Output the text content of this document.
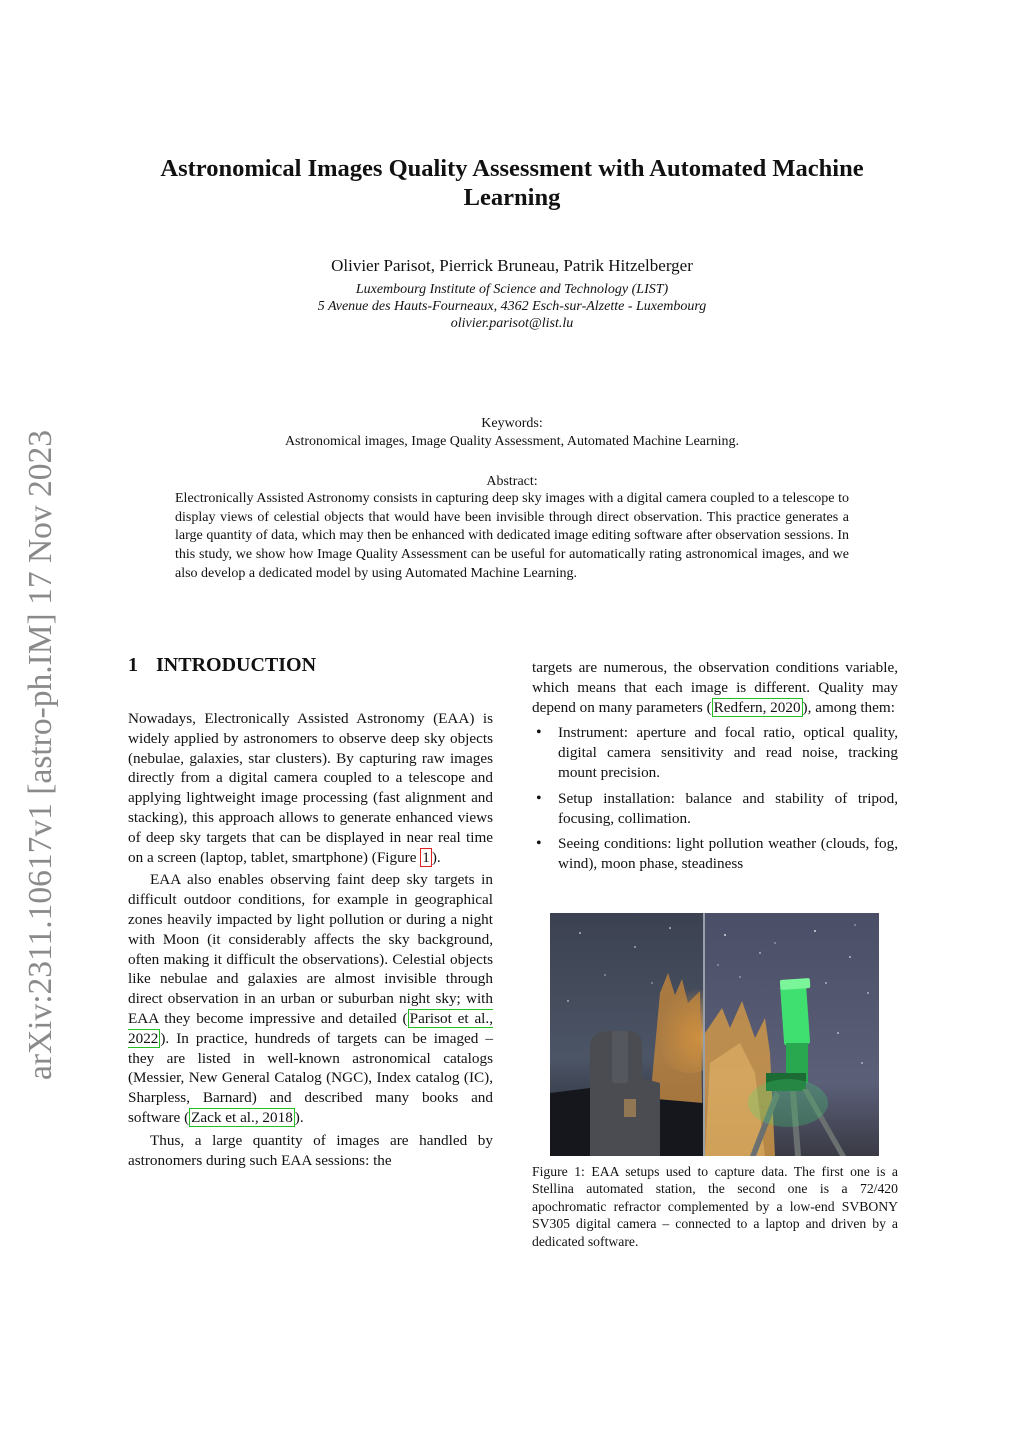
arXiv:2311.10617v1 [astro-ph.IM] 17 Nov 2023
Astronomical Images Quality Assessment with Automated Machine Learning
Olivier Parisot, Pierrick Bruneau, Patrik Hitzelberger
Luxembourg Institute of Science and Technology (LIST)
5 Avenue des Hauts-Fourneaux, 4362 Esch-sur-Alzette - Luxembourg
olivier.parisot@list.lu
Keywords:
Astronomical images, Image Quality Assessment, Automated Machine Learning.
Abstract:
Electronically Assisted Astronomy consists in capturing deep sky images with a digital camera coupled to a telescope to display views of celestial objects that would have been invisible through direct observation. This practice generates a large quantity of data, which may then be enhanced with dedicated image editing software after observation sessions. In this study, we show how Image Quality Assessment can be useful for automatically rating astronomical images, and we also develop a dedicated model by using Automated Machine Learning.
1 INTRODUCTION

Nowadays, Electronically Assisted Astronomy (EAA) is widely applied by astronomers to observe deep sky objects (nebulae, galaxies, star clusters). By capturing raw images directly from a digital camera coupled to a telescope and applying lightweight image processing (fast alignment and stacking), this approach allows to generate enhanced views of deep sky targets that can be displayed in near real time on a screen (laptop, tablet, smartphone) (Figure 1 ).

EAA also enables observing faint deep sky targets in difficult outdoor conditions, for example in geographical zones heavily impacted by light pollution or during a night with Moon (it considerably affects the sky background, often making it difficult the observations). Celestial objects like nebulae and galaxies are almost invisible through direct observation in an urban or suburban night sky; with EAA they become impressive and detailed ( Parisot et al., 2022 ). In practice, hundreds of targets can be imaged – they are listed in well-known astronomical catalogs (Messier, New General Catalog (NGC), Index catalog (IC), Sharpless, Barnard) and described many books and software ( Zack et al., 2018 ).

Thus, a large quantity of images are handled by astronomers during such EAA sessions: the

targets are numerous, the observation conditions variable, which means that each image is different. Quality may depend on many parameters ( Redfern, 2020 ), among them:

• Instrument: aperture and focal ratio, optical quality, digital camera sensitivity and read noise, tracking mount precision.
• Setup installation: balance and stability of tripod, focusing, collimation.
• Seeing conditions: light pollution weather (clouds, fog, wind), moon phase, steadiness
Figure 1: EAA setups used to capture data. The first one is a Stellina automated station, the second one is a 72/420 apochromatic refractor complemented by a low-end SVBONY SV305 digital camera – connected to a laptop and driven by a dedicated software.
